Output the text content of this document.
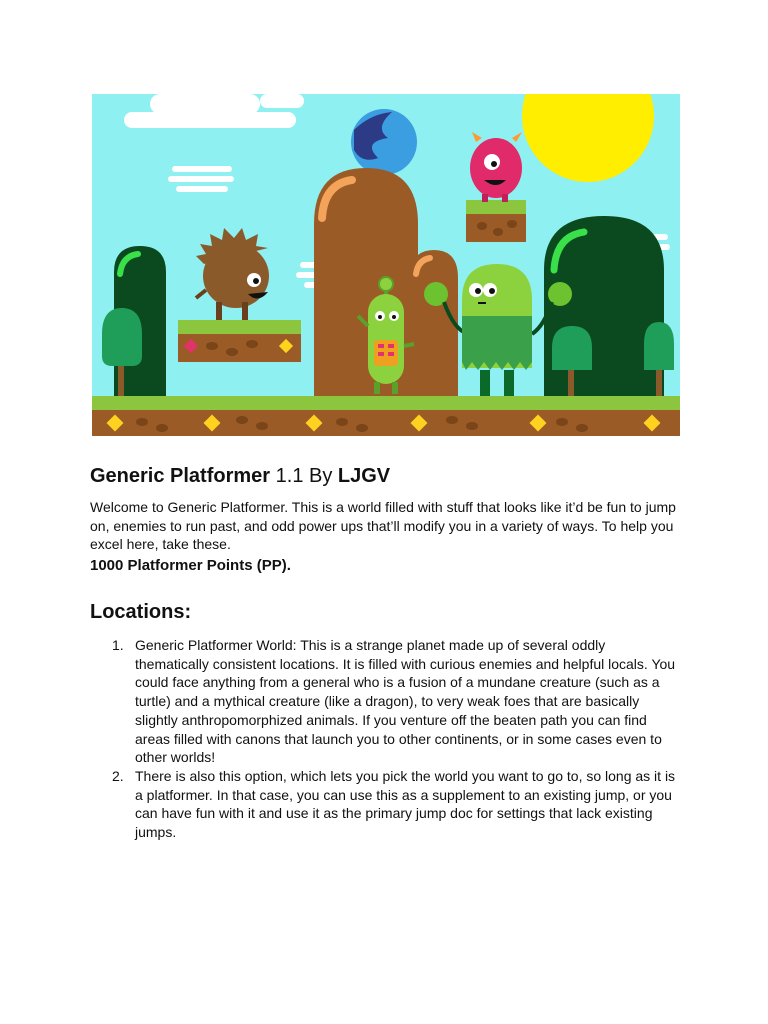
Generic Platformer 1.1 By LJGV

Welcome to Generic Platformer. This is a world filled with stuff that looks like it’d be fun to jump on, enemies to run past, and odd power ups that’ll modify you in a variety of ways. To help you excel here, take these.

1000 Platformer Points (PP).

Locations:
1. Generic Platformer World: This is a strange planet made up of several oddly thematically consistent locations. It is filled with curious enemies and helpful locals. You could face anything from a general who is a fusion of a mundane creature (such as a turtle) and a mythical creature (like a dragon), to very weak foes that are basically slightly anthropomorphized animals. If you venture off the beaten path you can find areas filled with canons that launch you to other continents, or in some cases even to other worlds!
2. There is also this option, which lets you pick the world you want to go to, so long as it is a platformer. In that case, you can use this as a supplement to an existing jump, or you can have fun with it and use it as the primary jump doc for settings that lack existing jumps.
